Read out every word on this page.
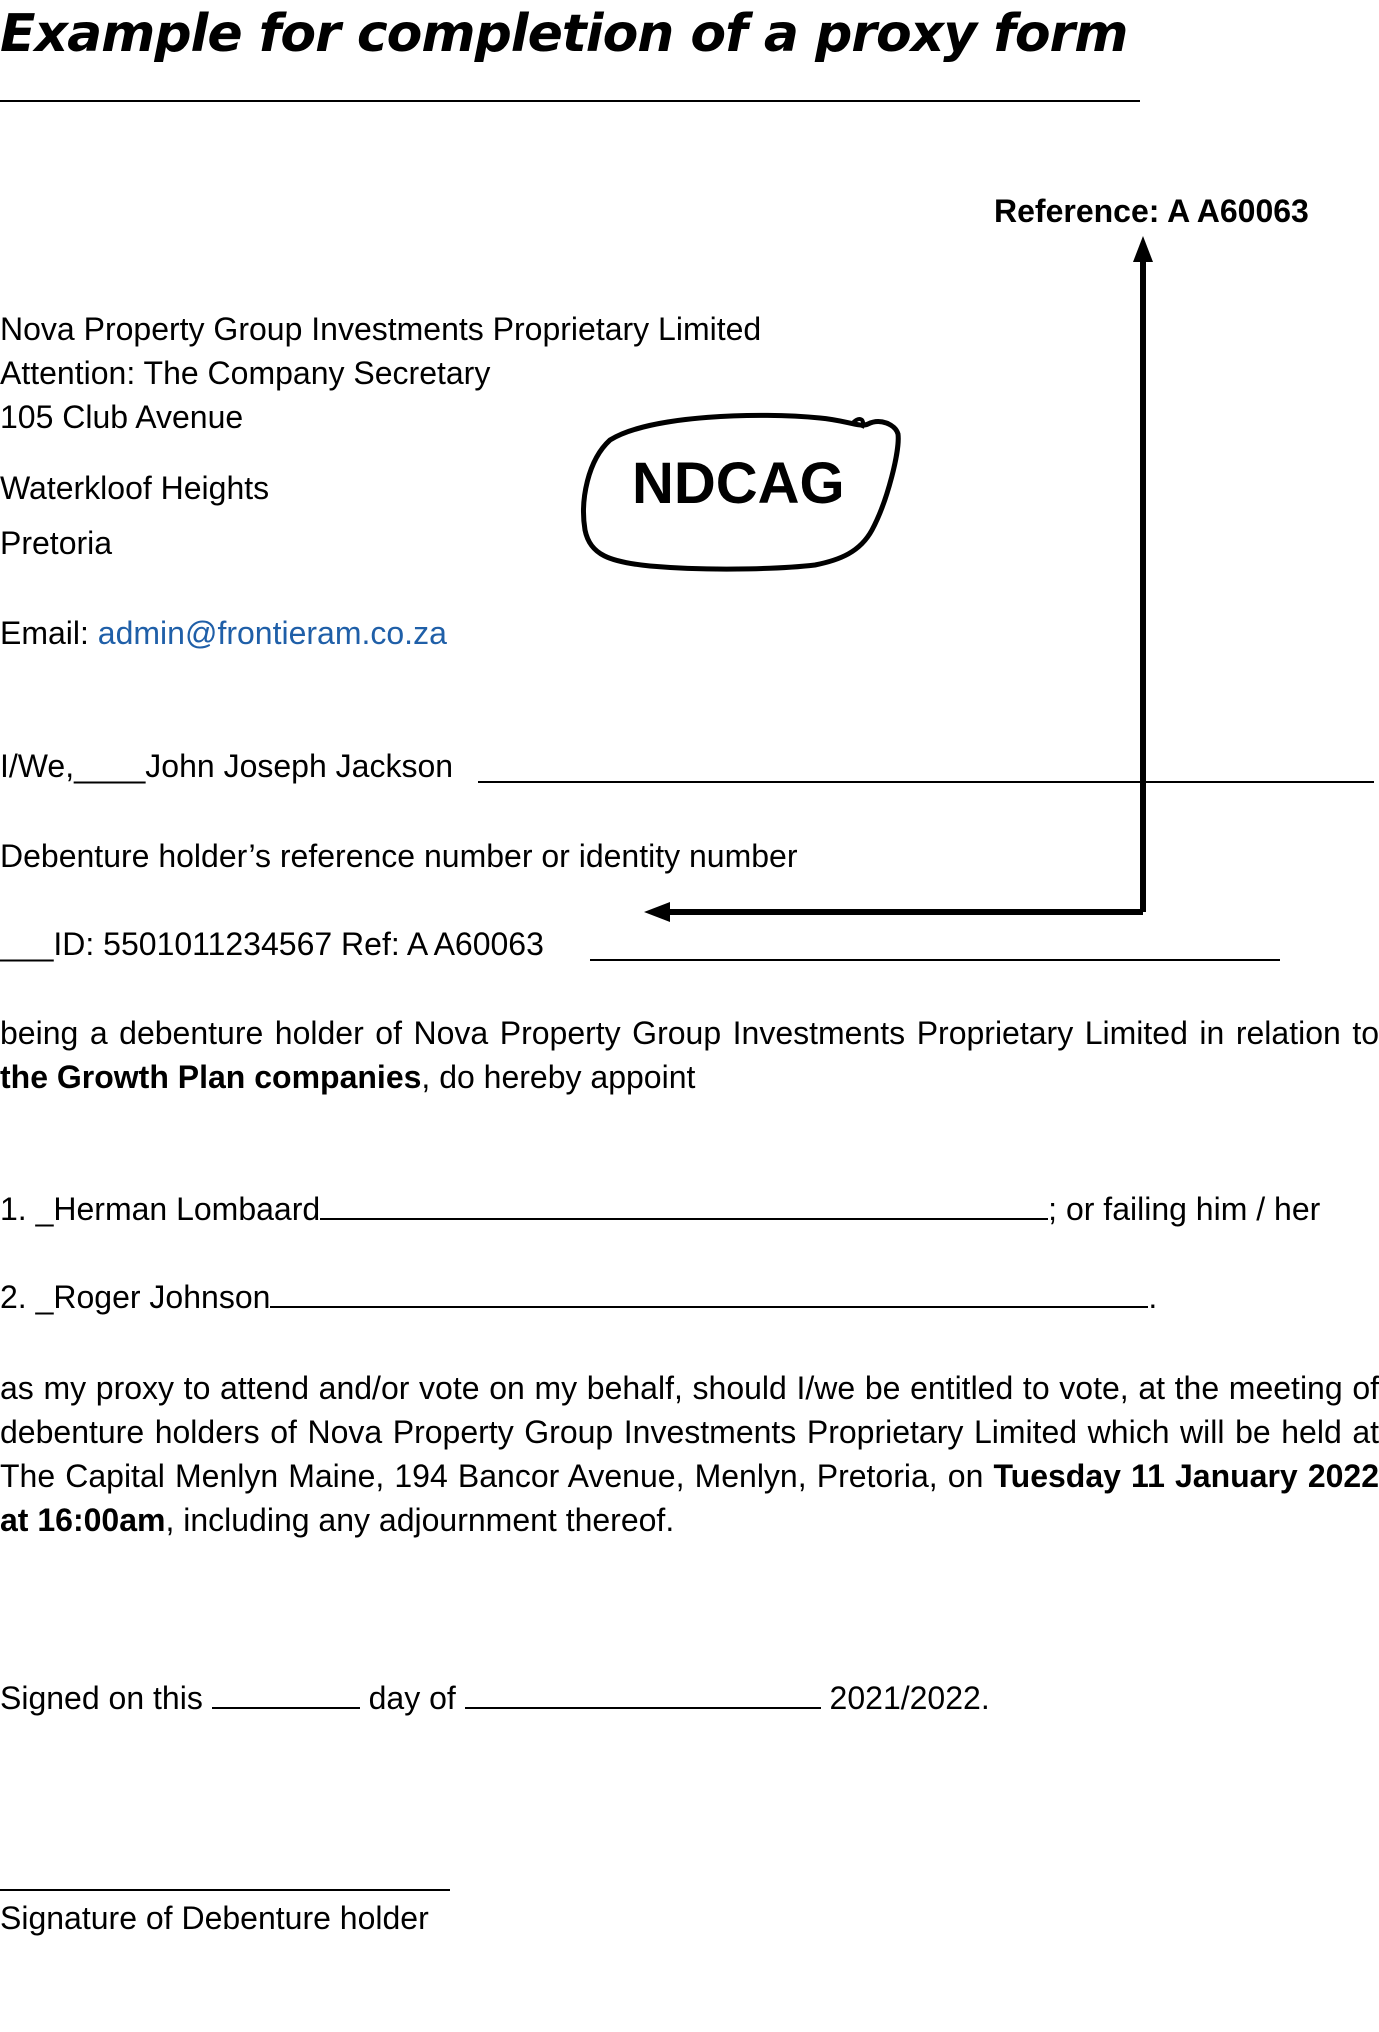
Example for completion of a proxy form
Reference: A A60063
Nova Property Group Investments Proprietary Limited
Attention: The Company Secretary
105 Club Avenue
Waterkloof Heights
Pretoria
Email: admin@frontieram.co.za
NDCAG
I/We,____John Joseph Jackson
Debenture holder’s reference number or identity number
___ID: 5501011234567 Ref: A A60063
being a debenture holder of Nova Property Group Investments Proprietary Limited in relation to the Growth Plan companies, do hereby appoint
1. _Herman Lombaard	; or failing him / her
2. _Roger Johnson	.
as my proxy to attend and/or vote on my behalf, should I/we be entitled to vote, at the meeting of debenture holders of Nova Property Group Investments Proprietary Limited which will be held at The Capital Menlyn Maine, 194 Bancor Avenue, Menlyn, Pretoria, on Tuesday 11 January 2022 at 16:00am, including any adjournment thereof.
Signed on this	day of	2021/2022.
Signature of Debenture holder
